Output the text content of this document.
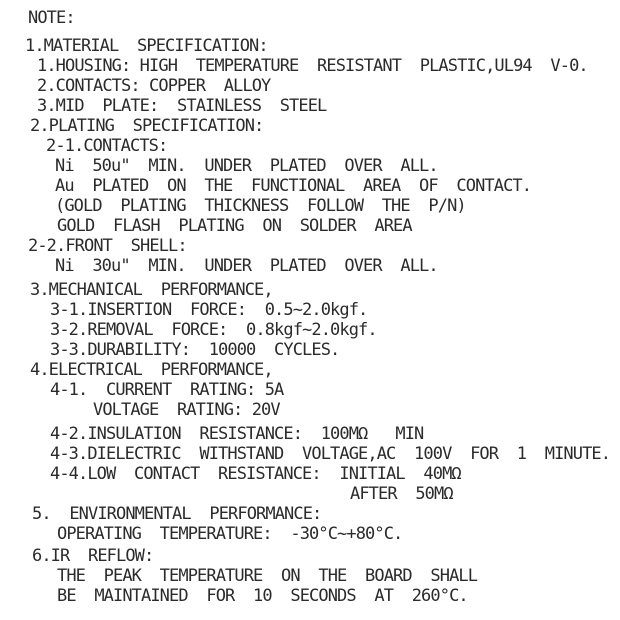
NOTE:
1.MATERIAL  SPECIFICATION:
1.HOUSING: HIGH  TEMPERATURE  RESISTANT  PLASTIC,UL94  V-0.
2.CONTACTS: COPPER  ALLOY
3.MID  PLATE:  STAINLESS  STEEL
2.PLATING  SPECIFICATION:
2-1.CONTACTS:
Ni  50u"  MIN.  UNDER  PLATED  OVER  ALL.
Au  PLATED  ON  THE  FUNCTIONAL  AREA  OF  CONTACT.
(GOLD  PLATING  THICKNESS  FOLLOW  THE  P/N)
GOLD  FLASH  PLATING  ON  SOLDER  AREA
2-2.FRONT  SHELL:
Ni  30u"  MIN.  UNDER  PLATED  OVER  ALL.
3.MECHANICAL  PERFORMANCE,
3-1.INSERTION  FORCE:  0.5~2.0kgf.
3-2.REMOVAL  FORCE:  0.8kgf~2.0kgf.
3-3.DURABILITY:  10000  CYCLES.
4.ELECTRICAL  PERFORMANCE,
4-1.  CURRENT  RATING: 5A
VOLTAGE  RATING: 20V
4-2.INSULATION  RESISTANCE:  100MΩ   MIN
4-3.DIELECTRIC  WITHSTAND  VOLTAGE,AC  100V  FOR  1  MINUTE.
4-4.LOW  CONTACT  RESISTANCE:  INITIAL  40MΩ
AFTER  50MΩ
5.  ENVIRONMENTAL  PERFORMANCE:
OPERATING  TEMPERATURE:  -30°C~+80°C.
6.IR  REFLOW:
THE  PEAK  TEMPERATURE  ON  THE  BOARD  SHALL
BE  MAINTAINED  FOR  10  SECONDS  AT  260°C.
